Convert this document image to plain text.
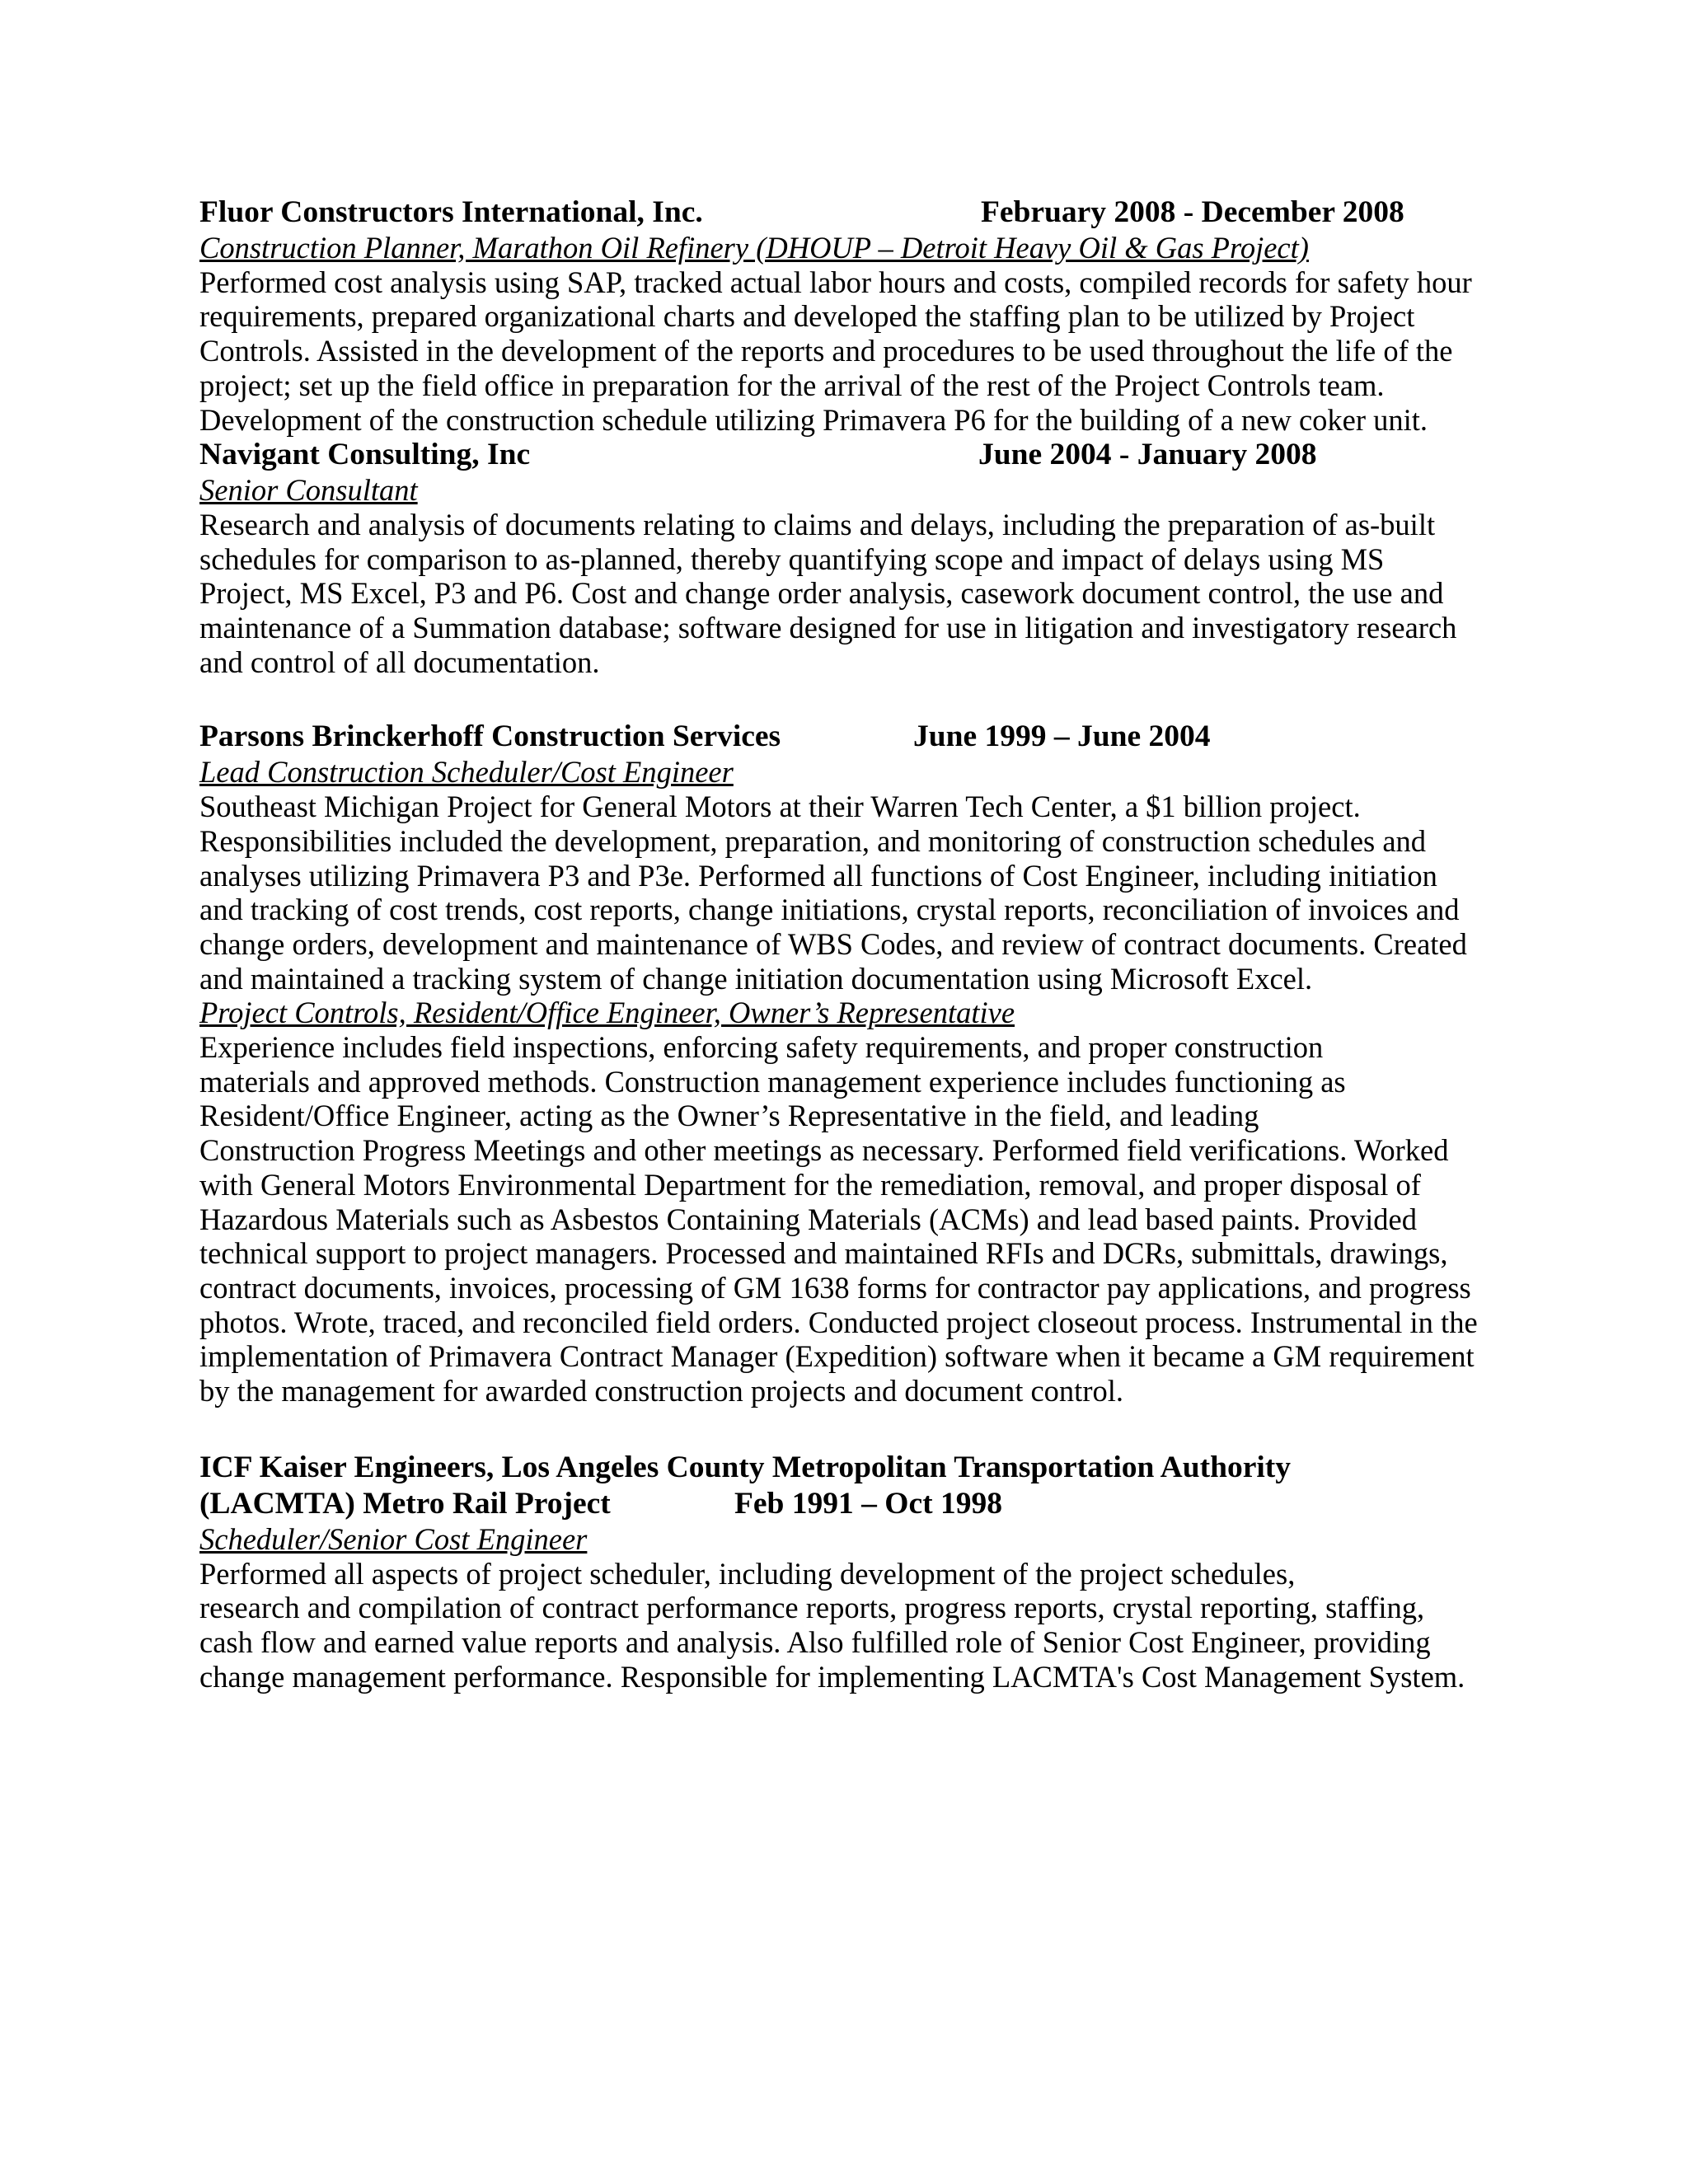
Fluor Constructors International, Inc.	February 2008 - December 2008
Construction Planner, Marathon Oil Refinery (DHOUP – Detroit Heavy Oil & Gas Project)
Performed cost analysis using SAP, tracked actual labor hours and costs, compiled records for safety hour
requirements, prepared organizational charts and developed the staffing plan to be utilized by Project
Controls. Assisted in the development of the reports and procedures to be used throughout the life of the
project; set up the field office in preparation for the arrival of the rest of the Project Controls team.
Development of the construction schedule utilizing Primavera P6 for the building of a new coker unit.
Navigant Consulting, Inc	June 2004 - January 2008
Senior Consultant
Research and analysis of documents relating to claims and delays, including the preparation of as-built
schedules for comparison to as-planned, thereby quantifying scope and impact of delays using MS
Project, MS Excel, P3 and P6. Cost and change order analysis, casework document control, the use and
maintenance of a Summation database; software designed for use in litigation and investigatory research
and control of all documentation.
Parsons Brinckerhoff Construction Services	June 1999 – June 2004
Lead Construction Scheduler/Cost Engineer
Southeast Michigan Project for General Motors at their Warren Tech Center, a $1 billion project.
Responsibilities included the development, preparation, and monitoring of construction schedules and
analyses utilizing Primavera P3 and P3e. Performed all functions of Cost Engineer, including initiation
and tracking of cost trends, cost reports, change initiations, crystal reports, reconciliation of invoices and
change orders, development and maintenance of WBS Codes, and review of contract documents. Created
and maintained a tracking system of change initiation documentation using Microsoft Excel.
Project Controls, Resident/Office Engineer, Owner’s Representative
Experience includes field inspections, enforcing safety requirements, and proper construction
materials and approved methods. Construction management experience includes functioning as
Resident/Office Engineer, acting as the Owner’s Representative in the field, and leading
Construction Progress Meetings and other meetings as necessary. Performed field verifications. Worked
with General Motors Environmental Department for the remediation, removal, and proper disposal of
Hazardous Materials such as Asbestos Containing Materials (ACMs) and lead based paints. Provided
technical support to project managers. Processed and maintained RFIs and DCRs, submittals, drawings,
contract documents, invoices, processing of GM 1638 forms for contractor pay applications, and progress
photos. Wrote, traced, and reconciled field orders. Conducted project closeout process. Instrumental in the
implementation of Primavera Contract Manager (Expedition) software when it became a GM requirement
by the management for awarded construction projects and document control.
ICF Kaiser Engineers, Los Angeles County Metropolitan Transportation Authority
(LACMTA) Metro Rail Project	Feb 1991 – Oct 1998
Scheduler/Senior Cost Engineer
Performed all aspects of project scheduler, including development of the project schedules,
research and compilation of contract performance reports, progress reports, crystal reporting, staffing,
cash flow and earned value reports and analysis. Also fulfilled role of Senior Cost Engineer, providing
change management performance. Responsible for implementing LACMTA's Cost Management System.
